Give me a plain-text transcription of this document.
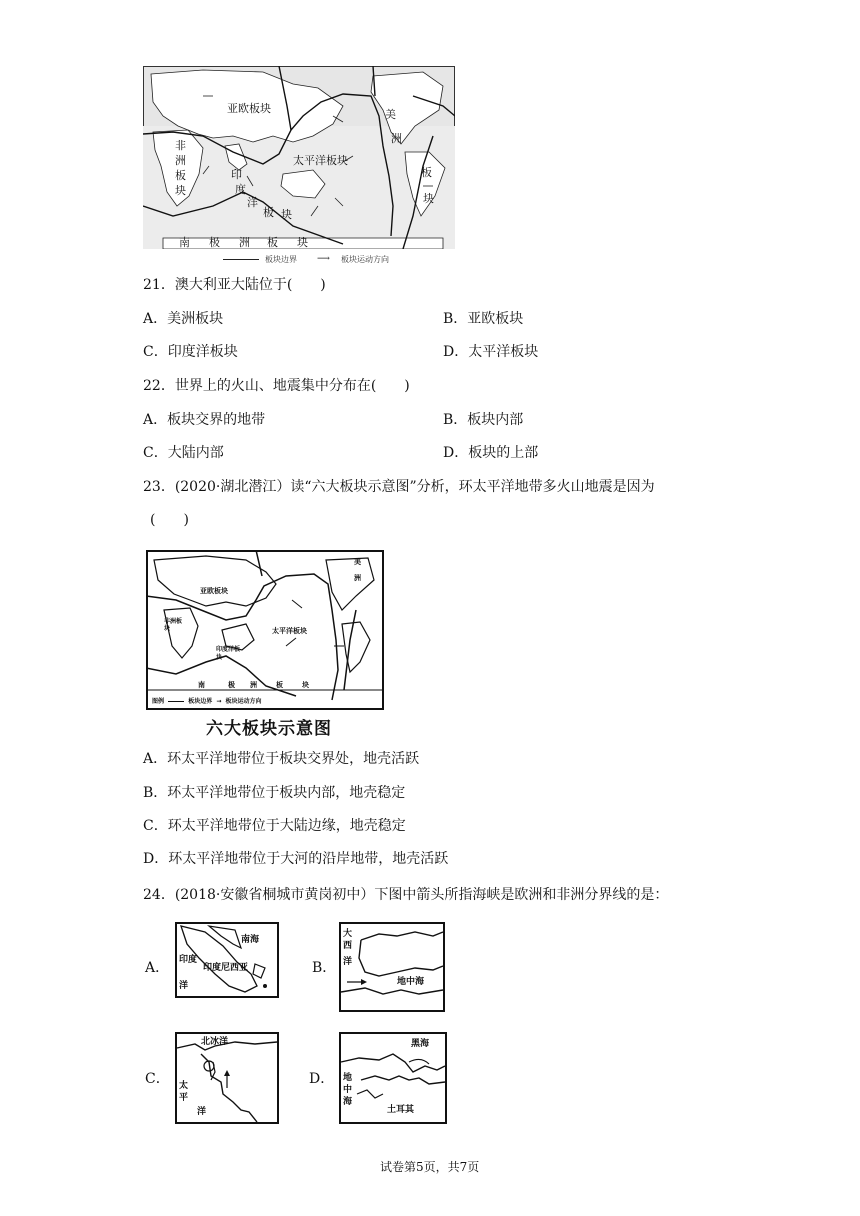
亚欧板块
太平洋板块
非
洲
板
块
印
度
洋
板 块
美
洲
板
块
南 极 洲 板 块
板块边界 ⟶ 板块运动方向
21．澳大利亚大陆位于(　　)
A．美洲板块	B．亚欧板块
C．印度洋板块	D．太平洋板块
22．世界上的火山、地震集中分布在(　　)
A．板块交界的地带	B．板块内部
C．大陆内部	D．板块的上部
23．(2020·湖北潜江）读“六大板块示意图”分析，环太平洋地带多火山地震是因为
(　　)
亚欧板块
非洲板块
印度洋板块
太平洋板块
美洲
南	极 洲	板	块
图例	板块边界 → 板块运动方向
六大板块示意图
A．环太平洋地带位于板块交界处，地壳活跃
B．环太平洋地带位于板块内部，地壳稳定
C．环太平洋地带位于大陆边缘，地壳稳定
D．环太平洋地带位于大河的沿岸地带，地壳活跃
24．(2018·安徽省桐城市黄岗初中）下图中箭头所指海峡是欧洲和非洲分界线的是：
A．
南海
印度
洋
印度尼西亚	B．
大西
洋
地中海
C．
北冰洋
太平
洋
D．
黑海
地中海
土耳其
试卷第5页，共7页
